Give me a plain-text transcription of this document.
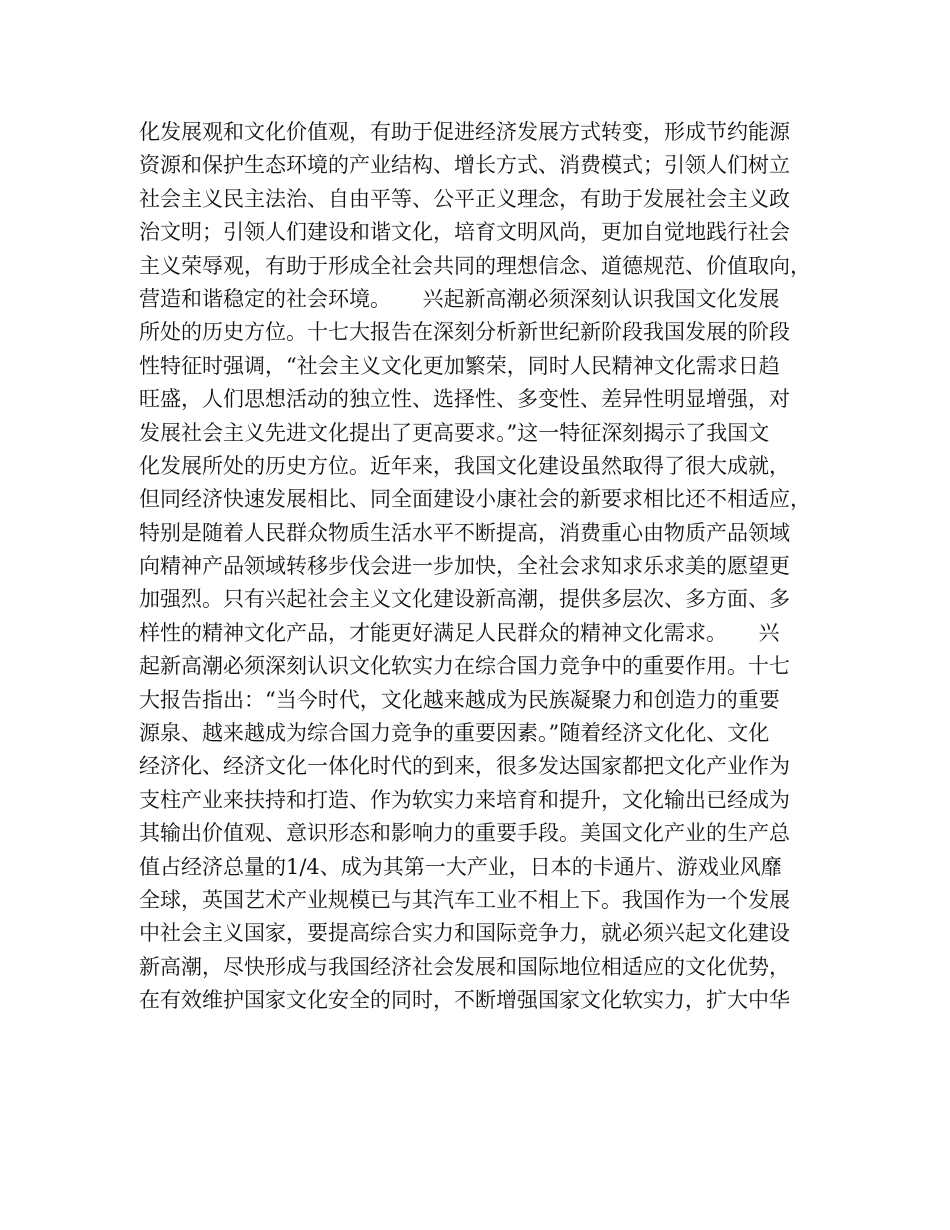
化发展观和文化价值观，有助于促进经济发展方式转变，形成节约能源
资源和保护生态环境的产业结构、增长方式、消费模式；引领人们树立
社会主义民主法治、自由平等、公平正义理念，有助于发展社会主义政
治文明；引领人们建设和谐文化，培育文明风尚，更加自觉地践行社会
主义荣辱观，有助于形成全社会共同的理想信念、道德规范、价值取向，
营造和谐稳定的社会环境。　　兴起新高潮必须深刻认识我国文化发展
所处的历史方位。十七大报告在深刻分析新世纪新阶段我国发展的阶段
性特征时强调，“社会主义文化更加繁荣，同时人民精神文化需求日趋
旺盛，人们思想活动的独立性、选择性、多变性、差异性明显增强，对
发展社会主义先进文化提出了更高要求。”这一特征深刻揭示了我国文
化发展所处的历史方位。近年来，我国文化建设虽然取得了很大成就，
但同经济快速发展相比、同全面建设小康社会的新要求相比还不相适应，
特别是随着人民群众物质生活水平不断提高，消费重心由物质产品领域
向精神产品领域转移步伐会进一步加快，全社会求知求乐求美的愿望更
加强烈。只有兴起社会主义文化建设新高潮，提供多层次、多方面、多
样性的精神文化产品，才能更好满足人民群众的精神文化需求。　　兴
起新高潮必须深刻认识文化软实力在综合国力竞争中的重要作用。十七
大报告指出：“当今时代，文化越来越成为民族凝聚力和创造力的重要
源泉、越来越成为综合国力竞争的重要因素。”随着经济文化化、文化
经济化、经济文化一体化时代的到来，很多发达国家都把文化产业作为
支柱产业来扶持和打造、作为软实力来培育和提升，文化输出已经成为
其输出价值观、意识形态和影响力的重要手段。美国文化产业的生产总
值占经济总量的1/4、成为其第一大产业，日本的卡通片、游戏业风靡
全球，英国艺术产业规模已与其汽车工业不相上下。我国作为一个发展
中社会主义国家，要提高综合实力和国际竞争力，就必须兴起文化建设
新高潮，尽快形成与我国经济社会发展和国际地位相适应的文化优势，
在有效维护国家文化安全的同时，不断增强国家文化软实力，扩大中华
